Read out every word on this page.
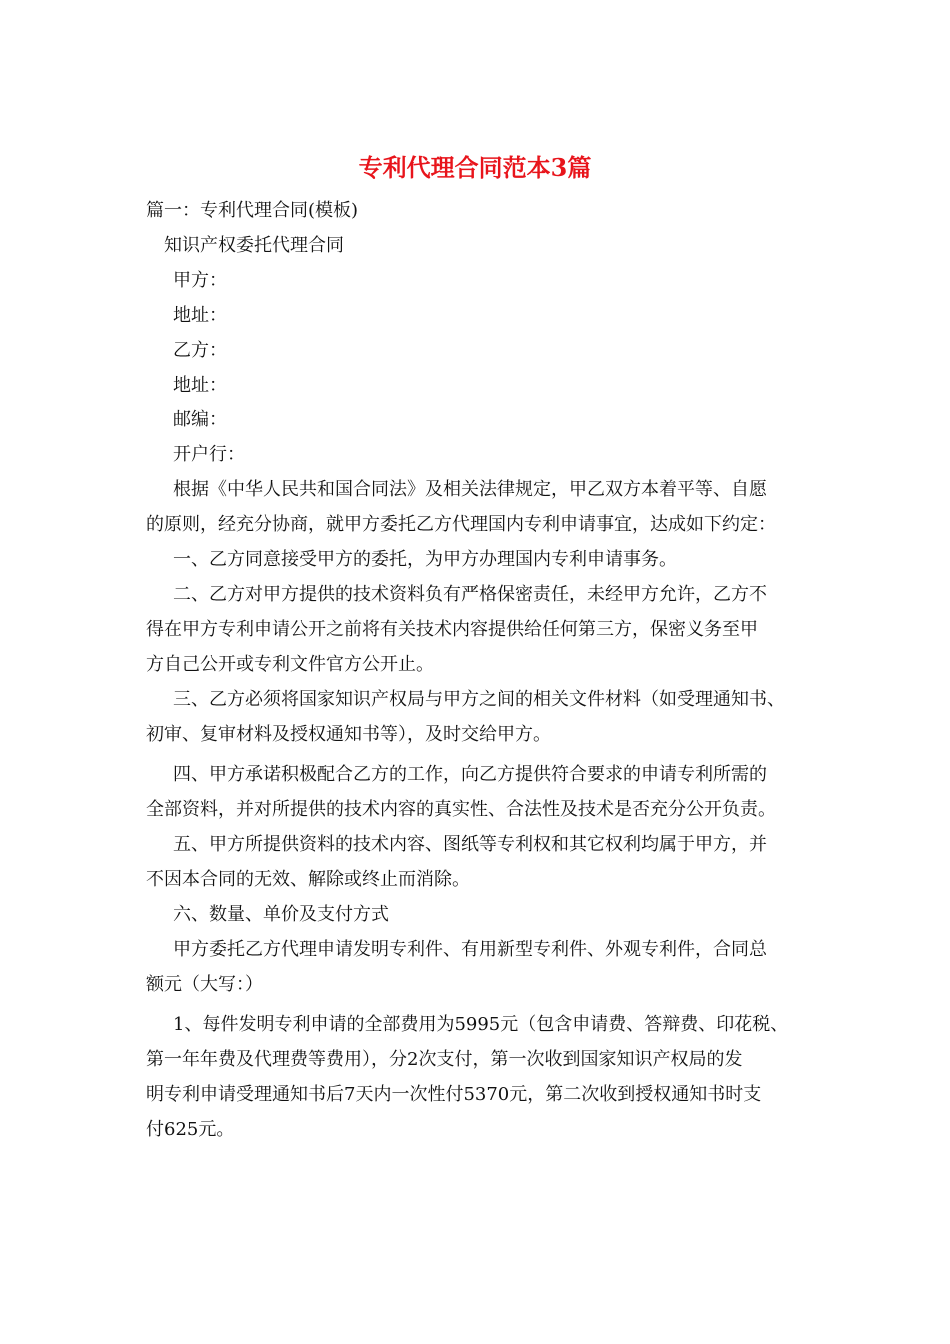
专利代理合同范本3篇
篇一：专利代理合同(模板)
知识产权委托代理合同
甲方：
地址：
乙方：
地址：
邮编：
开户行：
根据《中华人民共和国合同法》及相关法律规定，甲乙双方本着平等、自愿
的原则，经充分协商，就甲方委托乙方代理国内专利申请事宜，达成如下约定：
一、乙方同意接受甲方的委托，为甲方办理国内专利申请事务。
二、乙方对甲方提供的技术资料负有严格保密责任，未经甲方允许，乙方不
得在甲方专利申请公开之前将有关技术内容提供给任何第三方，保密义务至甲
方自己公开或专利文件官方公开止。
三、乙方必须将国家知识产权局与甲方之间的相关文件材料（如受理通知书、
初审、复审材料及授权通知书等），及时交给甲方。
四、甲方承诺积极配合乙方的工作，向乙方提供符合要求的申请专利所需的
全部资料，并对所提供的技术内容的真实性、合法性及技术是否充分公开负责。
五、甲方所提供资料的技术内容、图纸等专利权和其它权利均属于甲方，并
不因本合同的无效、解除或终止而消除。
六、数量、单价及支付方式
甲方委托乙方代理申请发明专利件、有用新型专利件、外观专利件，合同总
额元（大写：）
1、每件发明专利申请的全部费用为5995元（包含申请费、答辩费、印花税、
第一年年费及代理费等费用），分2次支付，第一次收到国家知识产权局的发
明专利申请受理通知书后7天内一次性付5370元，第二次收到授权通知书时支
付625元。
